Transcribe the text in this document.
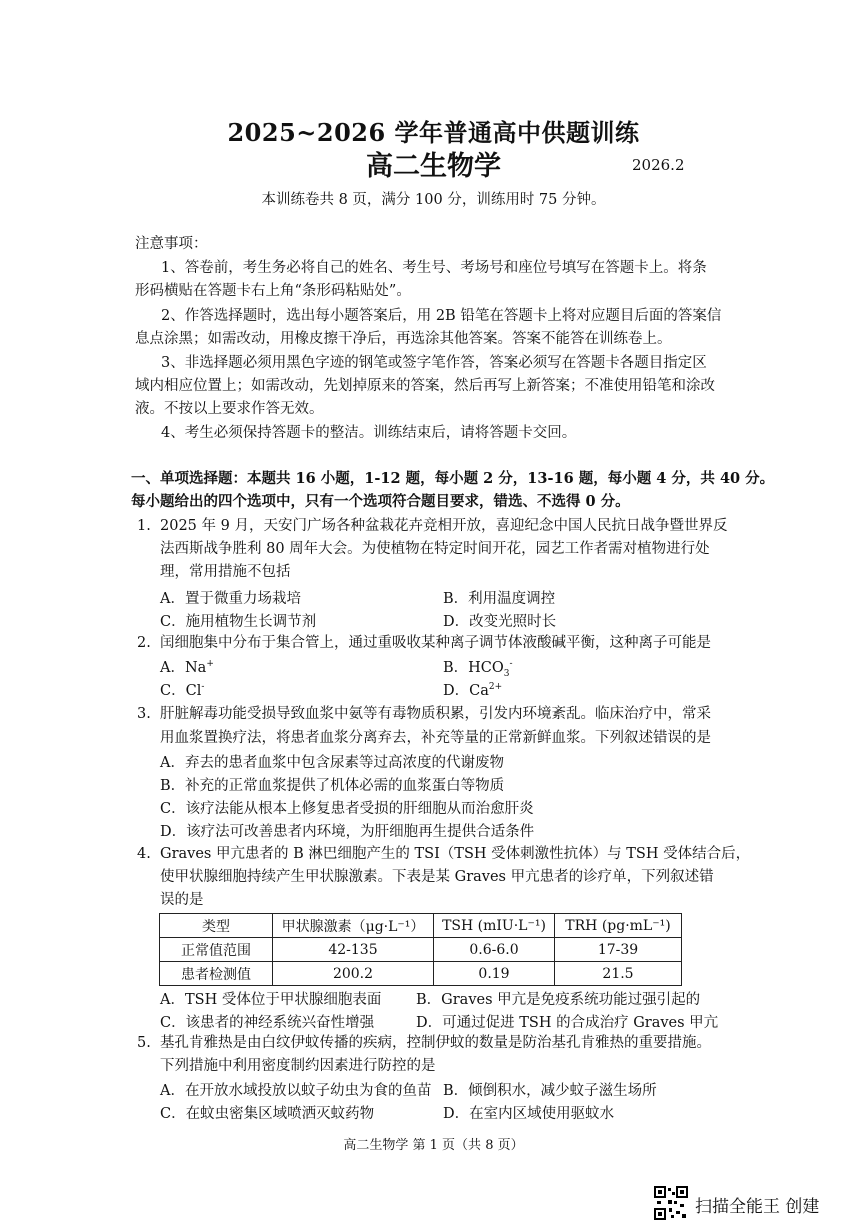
2025~2026 学年普通高中供题训练
高二生物学	2026.2
本训练卷共 8 页，满分 100 分，训练用时 75 分钟。
注意事项：
1、答卷前，考生务必将自己的姓名、考生号、考场号和座位号填写在答题卡上。将条
形码横贴在答题卡右上角“条形码粘贴处”。
2、作答选择题时，选出每小题答案后，用 2B 铅笔在答题卡上将对应题目后面的答案信
息点涂黑；如需改动，用橡皮擦干净后，再选涂其他答案。答案不能答在训练卷上。
3、非选择题必须用黑色字迹的钢笔或签字笔作答，答案必须写在答题卡各题目指定区
域内相应位置上；如需改动，先划掉原来的答案，然后再写上新答案；不准使用铅笔和涂改
液。不按以上要求作答无效。
4、考生必须保持答题卡的整洁。训练结束后，请将答题卡交回。
一、单项选择题：本题共 16 小题，1-12 题，每小题 2 分，13-16 题，每小题 4 分，共 40 分。
每小题给出的四个选项中，只有一个选项符合题目要求，错选、不选得 0 分。
1. 2025 年 9 月，天安门广场各种盆栽花卉竞相开放，喜迎纪念中国人民抗日战争暨世界反
法西斯战争胜利 80 周年大会。为使植物在特定时间开花，园艺工作者需对植物进行处
理，常用措施不包括
A．置于微重力场栽培	B．利用温度调控
C．施用植物生长调节剂	D．改变光照时长
2. 闰细胞集中分布于集合管上，通过重吸收某种离子调节体液酸碱平衡，这种离子可能是
A．Na+	B．$HCO_3^-$
C．Cl-	D．$Ca^{2+}$
3. 肝脏解毒功能受损导致血浆中氨等有毒物质积累，引发内环境紊乱。临床治疗中，常采
用血浆置换疗法，将患者血浆分离弃去，补充等量的正常新鲜血浆。下列叙述错误的是
A．弃去的患者血浆中包含尿素等过高浓度的代谢废物
B．补充的正常血浆提供了机体必需的血浆蛋白等物质
C．该疗法能从根本上修复患者受损的肝细胞从而治愈肝炎
D．该疗法可改善患者内环境，为肝细胞再生提供合适条件
4. Graves 甲亢患者的 B 淋巴细胞产生的 TSI（TSH 受体刺激性抗体）与 TSH 受体结合后，
使甲状腺细胞持续产生甲状腺激素。下表是某 Graves 甲亢患者的诊疗单，下列叙述错
误的是
类型	甲状腺激素（μg·L⁻¹）	TSH (mIU·L⁻¹)	TRH (pg·mL⁻¹)
正常值范围	42-135	0.6-6.0	17-39
患者检测值	200.2	0.19	21.5
A．TSH 受体位于甲状腺细胞表面 B．Graves 甲亢是免疫系统功能过强引起的
C．该患者的神经系统兴奋性增强	D．可通过促进 TSH 的合成治疗 Graves 甲亢
5. 基孔肯雅热是由白纹伊蚊传播的疾病，控制伊蚊的数量是防治基孔肯雅热的重要措施。
下列措施中利用密度制约因素进行防控的是
A．在开放水域投放以蚊子幼虫为食的鱼苗 B．倾倒积水，减少蚊子滋生场所
C．在蚊虫密集区域喷洒灭蚊药物	D．在室内区域使用驱蚊水
高二生物学 第 1 页（共 8 页）
扫描全能王 创建
